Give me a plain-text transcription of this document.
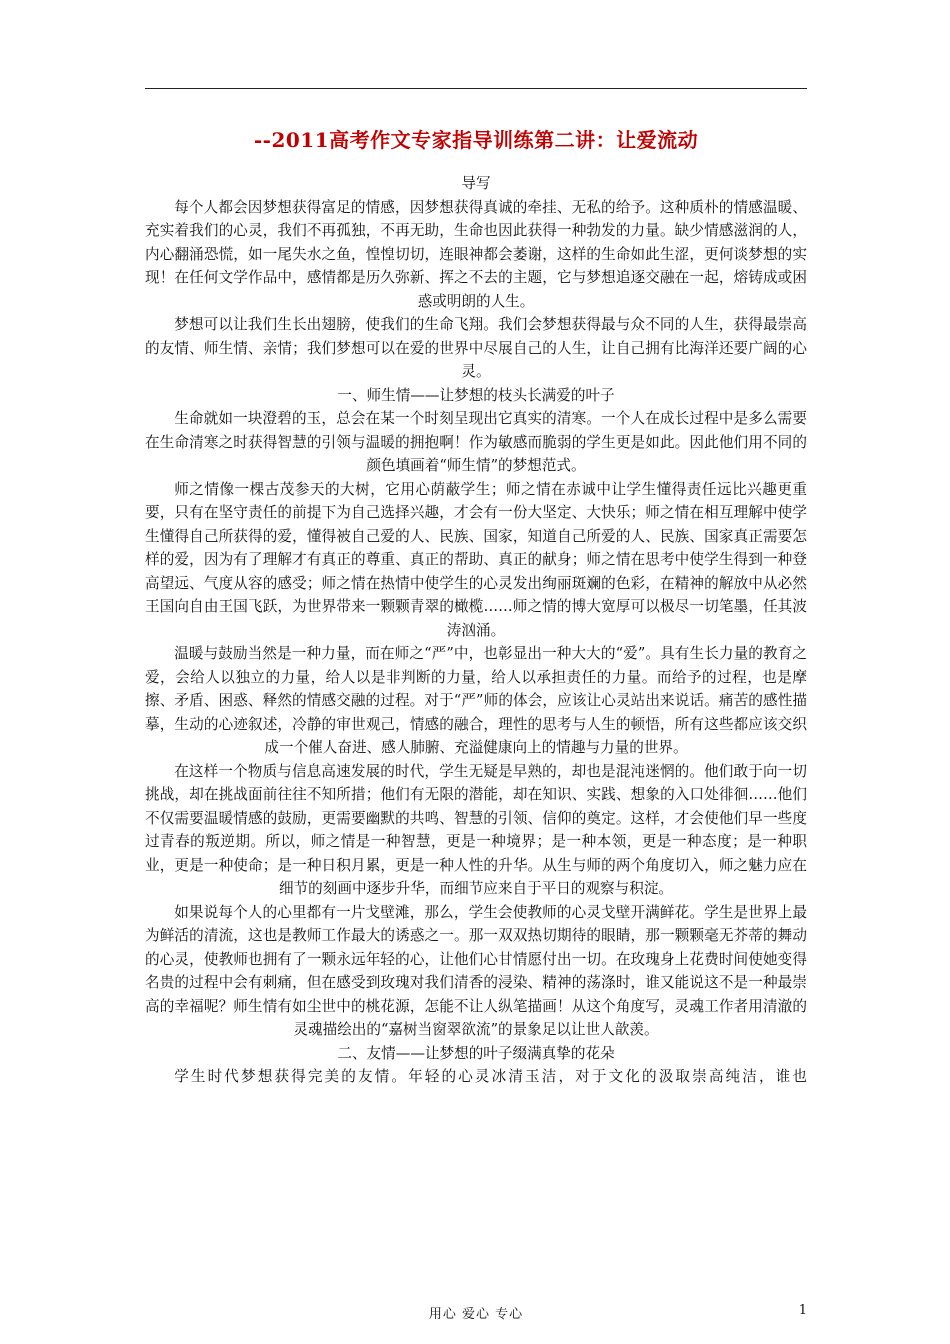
--2011高考作文专家指导训练第二讲：让爱流动

导写

每个人都会因梦想获得富足的情感，因梦想获得真诚的牵挂、无私的给予。这种质朴的情感温暖、充实着我们的心灵，我们不再孤独，不再无助，生命也因此获得一种勃发的力量。缺少情感滋润的人，内心翻涌恐慌，如一尾失水之鱼，惶惶切切，连眼神都会萎谢，这样的生命如此生涩，更何谈梦想的实现！在任何文学作品中，感情都是历久弥新、挥之不去的主题，它与梦想追逐交融在一起，熔铸成或困惑或明朗的人生。

梦想可以让我们生长出翅膀，使我们的生命飞翔。我们会梦想获得最与众不同的人生，获得最崇高的友情、师生情、亲情；我们梦想可以在爱的世界中尽展自己的人生，让自己拥有比海洋还要广阔的心灵。

一、师生情——让梦想的枝头长满爱的叶子

生命就如一块澄碧的玉，总会在某一个时刻呈现出它真实的清寒。一个人在成长过程中是多么需要在生命清寒之时获得智慧的引领与温暖的拥抱啊！作为敏感而脆弱的学生更是如此。因此他们用不同的颜色填画着“师生情”的梦想范式。

师之情像一棵古茂参天的大树，它用心荫蔽学生；师之情在赤诚中让学生懂得责任远比兴趣更重要，只有在坚守责任的前提下为自己选择兴趣，才会有一份大坚定、大快乐；师之情在相互理解中使学生懂得自己所获得的爱，懂得被自己爱的人、民族、国家，知道自己所爱的人、民族、国家真正需要怎样的爱，因为有了理解才有真正的尊重、真正的帮助、真正的献身；师之情在思考中使学生得到一种登高望远、气度从容的感受；师之情在热情中使学生的心灵发出绚丽斑斓的色彩，在精神的解放中从必然王国向自由王国飞跃，为世界带来一颗颗青翠的橄榄……师之情的博大宽厚可以极尽一切笔墨，任其波涛汹涌。

温暖与鼓励当然是一种力量，而在师之“严”中，也彰显出一种大大的“爱”。具有生长力量的教育之爱，会给人以独立的力量，给人以是非判断的力量，给人以承担责任的力量。而给予的过程，也是摩擦、矛盾、困惑、释然的情感交融的过程。对于“严”师的体会，应该让心灵站出来说话。痛苦的感性描摹，生动的心迹叙述，冷静的审世观己，情感的融合，理性的思考与人生的顿悟，所有这些都应该交织成一个催人奋进、感人肺腑、充溢健康向上的情趣与力量的世界。

在这样一个物质与信息高速发展的时代，学生无疑是早熟的，却也是混沌迷惘的。他们敢于向一切挑战，却在挑战面前往往不知所措；他们有无限的潜能，却在知识、实践、想象的入口处徘徊……他们不仅需要温暖情感的鼓励，更需要幽默的共鸣、智慧的引领、信仰的奠定。这样，才会使他们早一些度过青春的叛逆期。所以，师之情是一种智慧，更是一种境界；是一种本领，更是一种态度；是一种职业，更是一种使命；是一种日积月累，更是一种人性的升华。从生与师的两个角度切入，师之魅力应在细节的刻画中逐步升华，而细节应来自于平日的观察与积淀。

如果说每个人的心里都有一片戈壁滩，那么，学生会使教师的心灵戈壁开满鲜花。学生是世界上最为鲜活的清流，这也是教师工作最大的诱惑之一。那一双双热切期待的眼睛，那一颗颗毫无芥蒂的舞动的心灵，使教师也拥有了一颗永远年轻的心，让他们心甘情愿付出一切。在玫瑰身上花费时间使她变得名贵的过程中会有刺痛，但在感受到玫瑰对我们清香的浸染、精神的荡涤时，谁又能说这不是一种最崇高的幸福呢？师生情有如尘世中的桃花源，怎能不让人纵笔描画！从这个角度写，灵魂工作者用清澈的灵魂描绘出的“嘉树当窗翠欲流”的景象足以让世人歆羡。

二、友情——让梦想的叶子缀满真挚的花朵

学生时代梦想获得完美的友情。年轻的心灵冰清玉洁，对于文化的汲取崇高纯洁，谁也

用心 爱心 专心	1
